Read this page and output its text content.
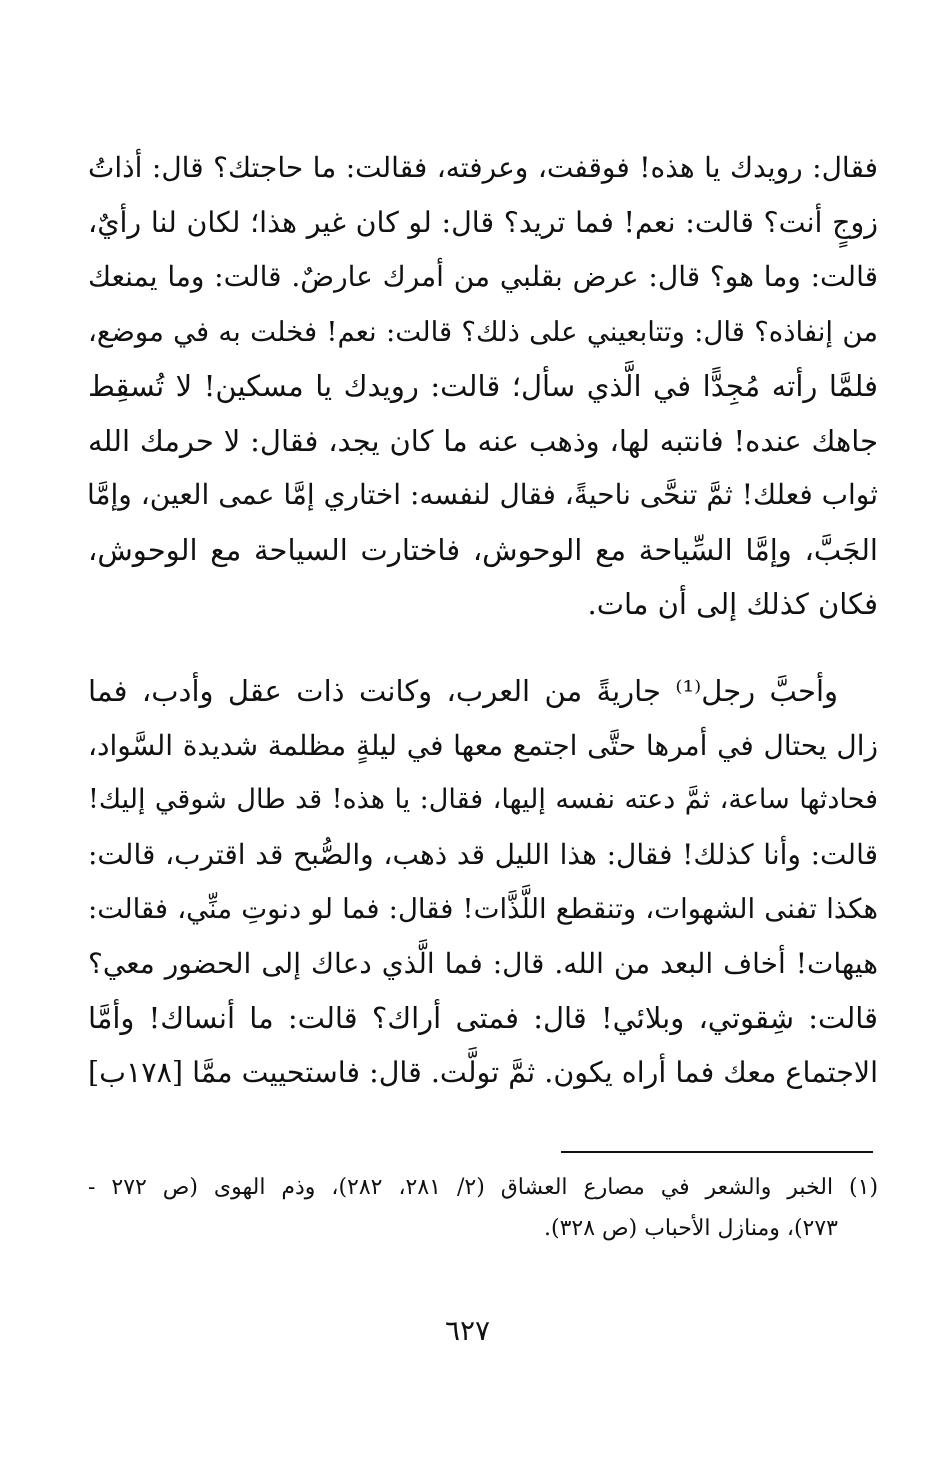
فقال: رويدك يا هذه! فوقفت، وعرفته، فقالت: ما حاجتك؟ قال: أذاتُ
زوجٍ أنت؟ قالت: نعم! فما تريد؟ قال: لو كان غير هذا؛ لكان لنا رأيٌ،
قالت: وما هو؟ قال: عرض بقلبي من أمرك عارضٌ. قالت: وما يمنعك
من إنفاذه؟ قال: وتتابعيني على ذلك؟ قالت: نعم! فخلت به في موضع،
فلمَّا رأته مُجِدًّا في الَّذي سأل؛ قالت: رويدك يا مسكين! لا تُسقِط
جاهك عنده! فانتبه لها، وذهب عنه ما كان يجد، فقال: لا حرمك الله
ثواب فعلك! ثمَّ تنحَّى ناحيةً، فقال لنفسه: اختاري إمَّا عمى العين، وإمَّا
الجَبَّ، وإمَّا السِّياحة مع الوحوش، فاختارت السياحة مع الوحوش،
فكان كذلك إلى أن مات.
وأحبَّ رجل⁽¹⁾ جاريةً من العرب، وكانت ذات عقل وأدب، فما
زال يحتال في أمرها حتَّى اجتمع معها في ليلةٍ مظلمة شديدة السَّواد،
فحادثها ساعة، ثمَّ دعته نفسه إليها، فقال: يا هذه! قد طال شوقي إليك!
قالت: وأنا كذلك! فقال: هذا الليل قد ذهب، والصُّبح قد اقترب، قالت:
هكذا تفنى الشهوات، وتنقطع اللَّذَّات! فقال: فما لو دنوتِ منِّي، فقالت:
هيهات! أخاف البعد من الله. قال: فما الَّذي دعاك إلى الحضور معي؟
قالت: شِقوتي، وبلائي! قال: فمتى أراك؟ قالت: ما أنساك! وأمَّا
الاجتماع معك فما أراه يكون. ثمَّ تولَّت. قال: فاستحييت ممَّا [١٧٨ب]
(١) الخبر والشعر في مصارع العشاق (٢/ ٢٨١، ٢٨٢)، وذم الهوى (ص ٢٧٢ -
٢٧٣)، ومنازل الأحباب (ص ٣٢٨).
٦٢٧
